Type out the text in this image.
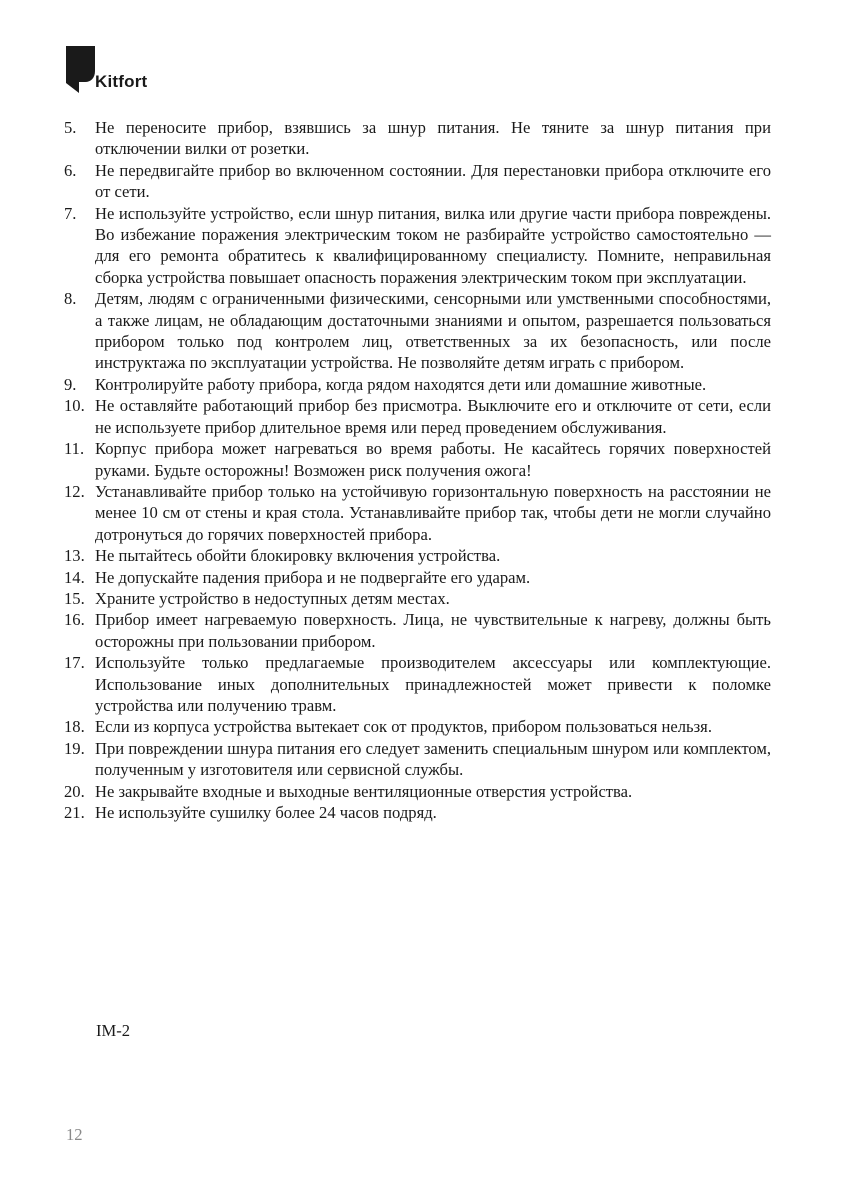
Kitfort
5.	Не переносите прибор, взявшись за шнур питания. Не тяните за шнур питания при отключении вилки от розетки.
6.	Не передвигайте прибор во включенном состоянии. Для перестановки прибора отключите его от сети.
7.	Не используйте устройство, если шнур питания, вилка или другие части прибора повреждены. Во избежание поражения электрическим током не разбирайте устройство самостоятельно — для его ремонта обратитесь к квалифицированному специалисту. Помните, неправильная сборка устройства повышает опасность поражения электрическим током при эксплуатации.
8.	Детям, людям с ограниченными физическими, сенсорными или умственными способностями, а также лицам, не обладающим достаточными знаниями и опытом, разрешается пользоваться прибором только под контролем лиц, ответственных за их безопасность, или после инструктажа по эксплуатации устройства. Не позволяйте детям играть с прибором.
9.	Контролируйте работу прибора, когда рядом находятся дети или домашние животные.
10. Не оставляйте работающий прибор без присмотра. Выключите его и отключите от сети, если не используете прибор длительное время или перед проведением обслуживания.
11. Корпус прибора может нагреваться во время работы. Не касайтесь горячих поверхностей руками. Будьте осторожны! Возможен риск получения ожога!
12. Устанавливайте прибор только на устойчивую горизонтальную поверхность на расстоянии не менее 10 см от стены и края стола. Устанавливайте прибор так, чтобы дети не могли случайно дотронуться до горячих поверхностей прибора.
13. Не пытайтесь обойти блокировку включения устройства.
14. Не допускайте падения прибора и не подвергайте его ударам.
15. Храните устройство в недоступных детям местах.
16. Прибор имеет нагреваемую поверхность. Лица, не чувствительные к нагреву, должны быть осторожны при пользовании прибором.
17. Используйте только предлагаемые производителем аксессуары или комплектующие. Использование иных дополнительных принадлежностей может привести к поломке устройства или получению травм.
18. Если из корпуса устройства вытекает сок от продуктов, прибором пользоваться нельзя.
19. При повреждении шнура питания его следует заменить специальным шнуром или комплектом, полученным у изготовителя или сервисной службы.
20. Не закрывайте входные и выходные вентиляционные отверстия устройства.
21. Не используйте сушилку более 24 часов подряд.
IM-2
12
